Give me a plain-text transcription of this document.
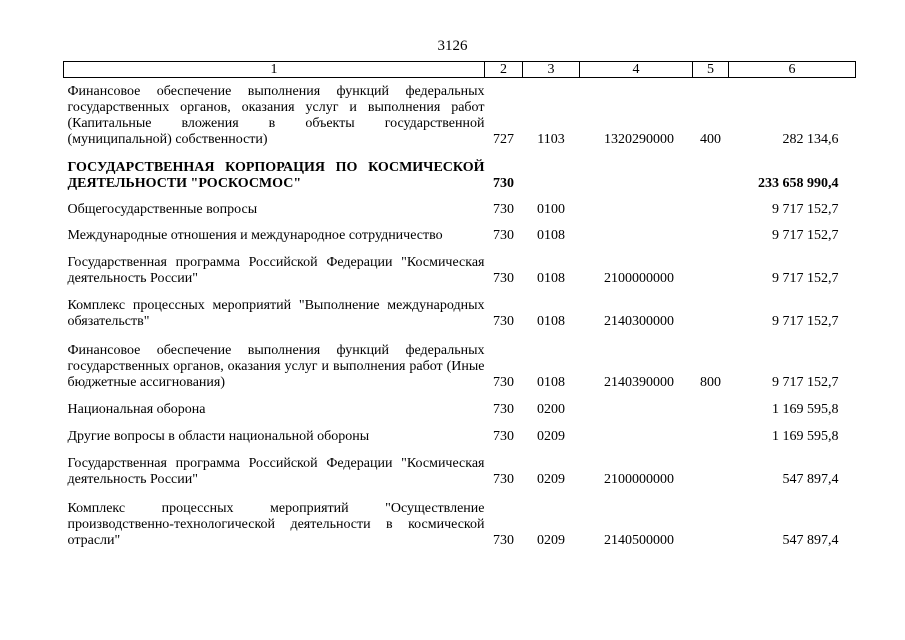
3126
1	2	3	4	5	6
Финансовое обеспечение выполнения функций федеральных государственных органов, оказания услуг и выполнения работ (Капитальные вложения в объекты государственной (муниципальной) собственности)	727	1103	1320290000	400	282 134,6
ГОСУДАРСТВЕННАЯ КОРПОРАЦИЯ ПО КОСМИЧЕСКОЙ ДЕЯТЕЛЬНОСТИ "РОСКОСМОС"	730				233 658 990,4
Общегосударственные вопросы	730	0100			9 717 152,7
Международные отношения и международное сотрудничество	730	0108			9 717 152,7
Государственная программа Российской Федерации "Космическая деятельность России"	730	0108	2100000000		9 717 152,7
Комплекс процессных мероприятий "Выполнение международных обязательств"	730	0108	2140300000		9 717 152,7
Финансовое обеспечение выполнения функций федеральных государственных органов, оказания услуг и выполнения работ (Иные бюджетные ассигнования)	730	0108	2140390000	800	9 717 152,7
Национальная оборона	730	0200			1 169 595,8
Другие вопросы в области национальной обороны	730	0209			1 169 595,8
Государственная программа Российской Федерации "Космическая деятельность России"	730	0209	2100000000		547 897,4
Комплекс процессных мероприятий "Осуществление производственно-технологической деятельности в космической отрасли"	730	0209	2140500000		547 897,4
